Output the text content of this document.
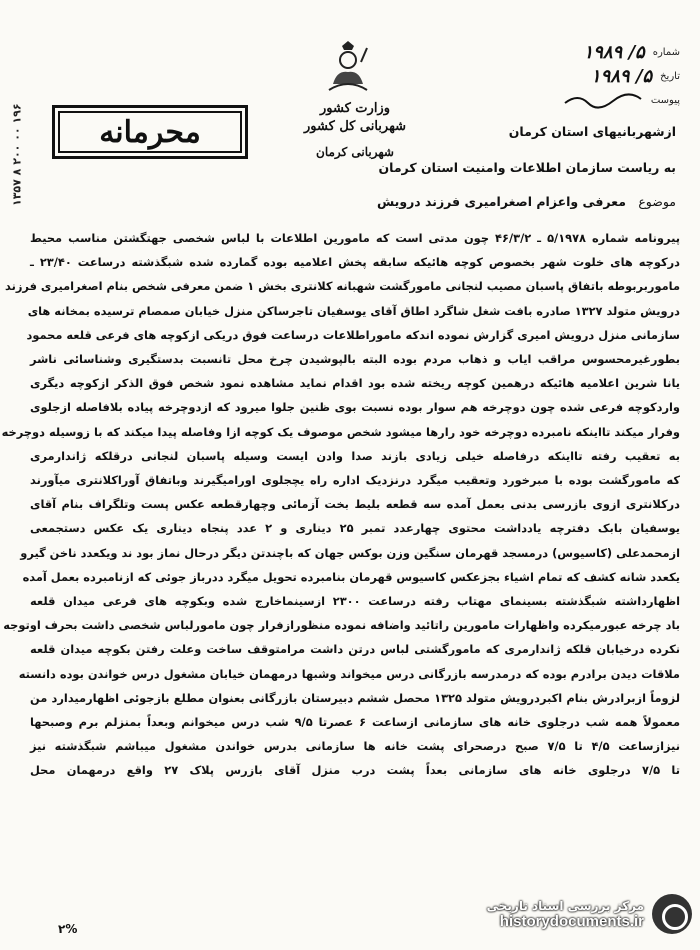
۱۳۵۷ ۸ ۲۰۰ ۰۰ ۱۹۶	محرمانه
وزارت کشور
شهربانی کل کشور
شهربانی کرمان
شماره
۵/ ۱۹۸۹
تاریخ
۵/ ۱۹۸۹
پیوست
ازشهربانیهای استان کرمان
به ریاست سازمان اطلاعات وامنیت استان کرمان
موضوع معرفی واعزام اصغرامیری فرزند درویش
پیرونامه شماره ۵/۱۹۷۸ ـ ۴۶/۳/۲ چون مدتی است که مامورین اطلاعات با لباس شخصی جهتگشتن مناسب محیط
درکوچه های خلوت شهر بخصوص کوچه هائیکه سابقه پخش اعلامیه بوده گمارده شده شبگذشته درساعت ۲۳/۴۰ ـ
ماموربربوطه باتفاق پاسبان مصیب لنجانی مامورگشت شهبانه کلانتری بخش ۱ ضمن معرفی شخص بنام اصغرامیری فرزند
درویش متولد ۱۳۲۷ صادره بافت شغل شاگرد اطاق آقای یوسفیان تاجرساکن منزل خیابان صمصام ترسیده بمخانه های
سازمانی منزل درویش امیری گزارش نموده اندکه ماموراطلاعات درساعت فوق دریکی ازکوچه های فرعی قلعه محمود
بطورغیرمحسوس مراقب ایاب و ذهاب مردم بوده البته بالپوشیدن چرخ محل تانسبت بدستگیری وشناسائی ناشر
یانا شرین اعلامیه هائیکه درهمین کوچه ریخته شده بود اقدام نماید مشاهده نمود شخص فوق الذکر ازکوچه دیگری
واردکوچه فرعی شده چون دوچرخه هم سوار بوده نسبت بوی ظنین جلوا میرود که ازدوچرخه پیاده بلافاصله ازجلوی
وفرار میکند تااینکه نامبرده دوچرخه خود رارها میشود شخص موصوف یک کوچه ازا وفاصله پیدا میکند که با زوسیله دوچرخه
به تعقیب رفته تااینکه درفاصله خیلی زیادی بازند صدا وادن ایست وسیله پاسبان لنجانی درقلکه ژاندارمری
که مامورگشت بوده با مبرخورد وتعقیب میگرد درنزدیک اداره راه یچجلوی اورامیگیرند وباتفاق آوراکلانتری میآورند
درکلانتری ازوی بازرسی بدنی بعمل آمده سه قطعه بلیط بخت آزمائی وچهارقطعه عکس پست وتلگراف بنام آقای
یوسفیان بابک دفترچه یادداشت محتوی چهارعدد تمبر ۲۵ دیناری و ۲ عدد پنجاه دیناری یک عکس دستجمعی
ازمحمدعلی (کاسیوس) درمسجد قهرمان سنگین وزن بوکس جهان که باچندتن دیگر درحال نماز بود ند ویکعدد ناخن گیرو
یکعدد شانه کشف که تمام اشیاء بجزعکس کاسیوس قهرمان بنامبرده تحویل میگرد ددرباز جوئی که ازنامبرده بعمل آمده
اظهارداشته شبگذشته بسینمای مهتاب رفته درساعت ۲۳۰۰ ازسینماخارج شده وبکوچه های فرعی میدان قلعه
باد چرخه عبورمیکرده واظهارات مامورین راتائید واضافه نموده منظورازفرار چون مامورلباس شخصی داشت بحرف اوتوجه
نکرده درخیابان قلکه ژاندارمری که مامورگشتی لباس درتن داشت مرامتوقف ساخت وعلت رفتن بکوچه میدان قلعه
ملاقات دیدن برادرم بوده که درمدرسه بازرگانی درس میخواند وشبها درمهمان خیابان مشغول درس خواندن بوده دانسته
لزوماً ازبرادرش بنام اکبردرویش متولد ۱۳۲۵ محصل ششم دبیرستان بازرگانی بعنوان مطلع بازجوئی اظهارمیدارد من
معمولاً همه شب درجلوی خانه های سازمانی ازساعت ۶ عصرتا ۹/۵ شب درس میخوانم وبعداً بمنزلم برم وصبحها
نیزازساعت ۴/۵ تا ۷/۵ صبح درصحرای پشت خانه ها سازمانی بدرس خواندن مشغول میباشم شبگذشته نیز
تا ۷/۵ درجلوی خانه های سازمانی بعداً پشت درب منزل آقای بازرس پلاک ۲۷ واقع درمهمان محل
۲%
مرکز بررسی اسناد تاریخی
historydocuments.ir
